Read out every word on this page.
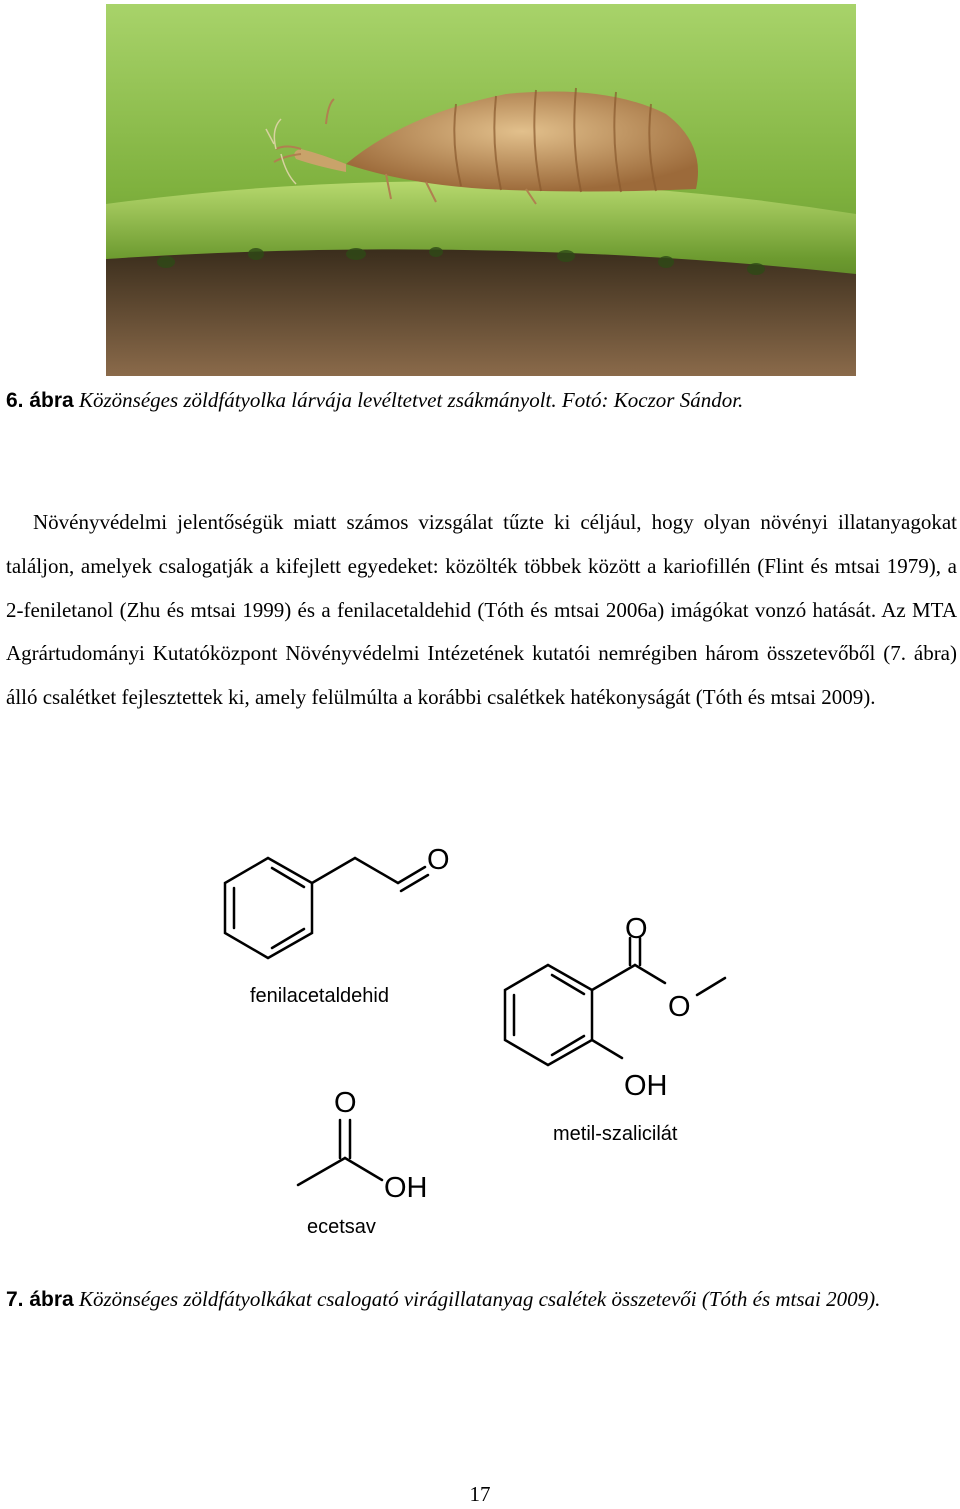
6. ábra Közönséges zöldfátyolka lárvája levéltetvet zsákmányolt. Fotó: Koczor Sándor.

Növényvédelmi jelentőségük miatt számos vizsgálat tűzte ki céljául, hogy olyan növényi illatanyagokat találjon, amelyek csalogatják a kifejlett egyedeket: közölték többek között a kariofillén (Flint és mtsai 1979), a 2-feniletanol (Zhu és mtsai 1999) és a fenilacetaldehid (Tóth és mtsai 2006a) imágókat vonzó hatását. Az MTA Agrártudományi Kutatóközpont Növényvédelmi Intézetének kutatói nemrégiben három összetevőből (7. ábra) álló csalétket fejlesztettek ki, amely felülmúlta a korábbi csalétkek hatékonyságát (Tóth és mtsai 2009).

O
O
O
OH
O
OH
fenilacetaldehid
metil-szalicilát
ecetsav
7. ábra Közönséges zöldfátyolkákat csalogató virágillatanyag csalétek összetevői (Tóth és mtsai 2009).
17
